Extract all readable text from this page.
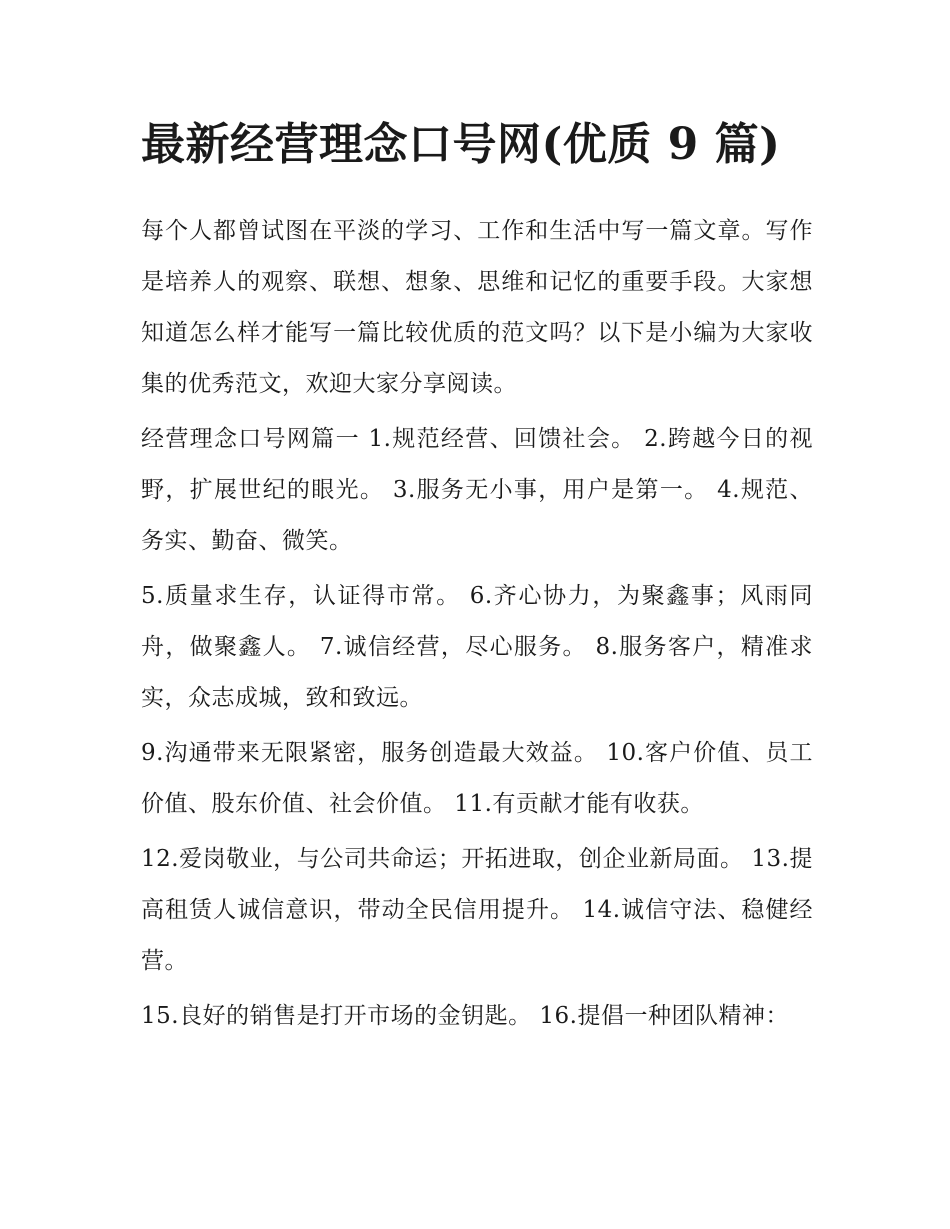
最新经营理念口号网(优质 9 篇)

每个人都曾试图在平淡的学习、工作和生活中写一篇文章。写作是培养人的观察、联想、想象、思维和记忆的重要手段。大家想知道怎么样才能写一篇比较优质的范文吗？以下是小编为大家收集的优秀范文，欢迎大家分享阅读。

经营理念口号网篇一 1.规范经营、回馈社会。 2.跨越今日的视野，扩展世纪的眼光。 3.服务无小事，用户是第一。 4.规范、务实、勤奋、微笑。

5.质量求生存，认证得市常。 6.齐心协力，为聚鑫事；风雨同舟，做聚鑫人。 7.诚信经营，尽心服务。 8.服务客户，精准求实，众志成城，致和致远。

9.沟通带来无限紧密，服务创造最大效益。 10.客户价值、员工价值、股东价值、社会价值。 11.有贡献才能有收获。

12.爱岗敬业，与公司共命运；开拓进取，创企业新局面。 13.提高租赁人诚信意识，带动全民信用提升。 14.诚信守法、稳健经营。

15.良好的销售是打开市场的金钥匙。 16.提倡一种团队精神：
